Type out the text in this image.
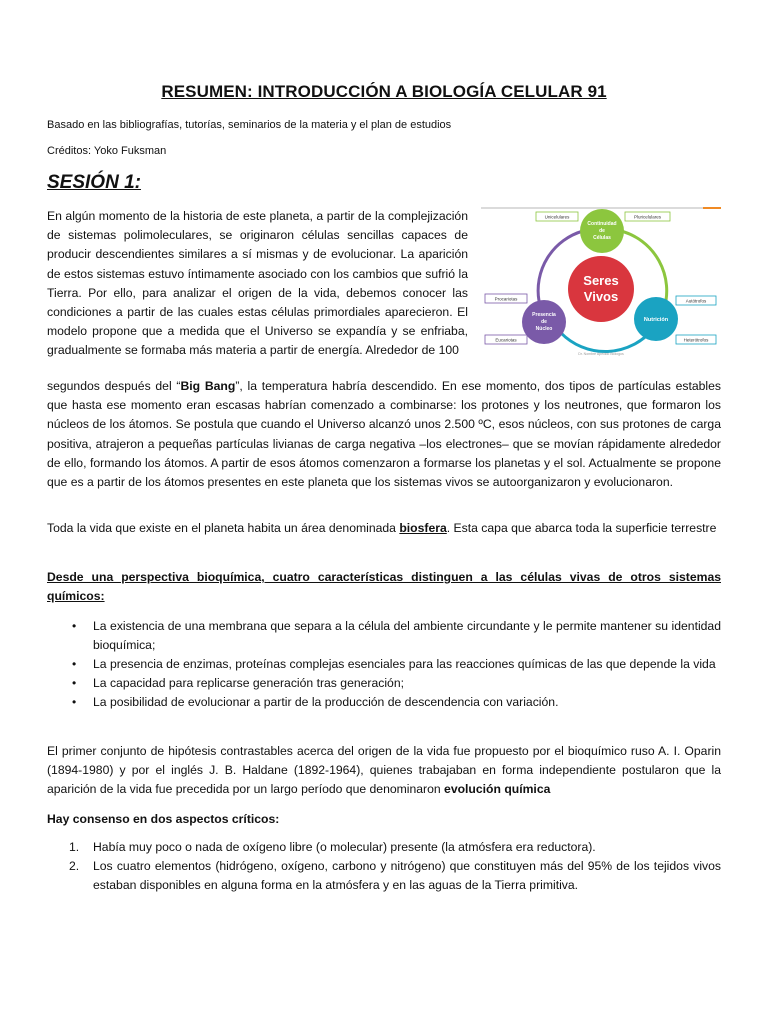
RESUMEN: INTRODUCCIÓN A BIOLOGÍA CELULAR 91
Basado en las bibliografías, tutorías, seminarios de la materia y el plan de estudios
Créditos: Yoko Fuksman
SESIÓN 1:

En algún momento de la historia de este planeta, a partir de la complejización de sistemas polimoleculares, se originaron células sencillas capaces de producir descendientes similares a sí mismas y de evolucionar. La aparición de estos sistemas estuvo íntimamente asociado con los cambios que sufrió la Tierra. Por ello, para analizar el origen de la vida, debemos conocer las condiciones a partir de las cuales estas células primordiales aparecieron. El modelo propone que a medida que el Universo se expandía y se enfriaba, gradualmente se formaba más materia a partir de energía. Alrededor de 100

segundos después del “Big Bang”, la temperatura habría descendido. En ese momento, dos tipos de partículas estables que hasta ese momento eran escasas habrían comenzado a combinarse: los protones y los neutrones, que formaron los núcleos de los átomos. Se postula que cuando el Universo alcanzó unos 2.500 ºC, esos núcleos, con sus protones de carga positiva, atrajeron a pequeñas partículas livianas de carga negativa –los electrones– que se movían rápidamente alrededor de ello, formando los átomos. A partir de esos átomos comenzaron a formarse los planetas y el sol. Actualmente se propone que es a partir de los átomos presentes en este planeta que los sistemas vivos se autoorganizaron y evolucionaron.

Toda la vida que existe en el planeta habita un área denominada biosfera. Esta capa que abarca toda la superficie terrestre

Desde una perspectiva bioquímica, cuatro características distinguen a las células vivas de otros sistemas químicos:

• La existencia de una membrana que separa a la célula del ambiente circundante y le permite mantener su identidad bioquímica;
• La presencia de enzimas, proteínas complejas esenciales para las reacciones químicas de las que depende la vida
• La capacidad para replicarse generación tras generación;
• La posibilidad de evolucionar a partir de la producción de descendencia con variación.

El primer conjunto de hipótesis contrastables acerca del origen de la vida fue propuesto por el bioquímico ruso A. I. Oparin (1894-1980) y por el inglés J. B. Haldane (1892-1964), quienes trabajaban en forma independiente postularon que la aparición de la vida fue precedida por un largo período que denominaron evolución química

Hay consenso en dos aspectos críticos:

1. Había muy poco o nada de oxígeno libre (o molecular) presente (la atmósfera era reductora).
2. Los cuatro elementos (hidrógeno, oxígeno, carbono y nitrógeno) que constituyen más del 95% de los tejidos vivos estaban disponibles en alguna forma en la atmósfera y en las aguas de la Tierra primitiva.
Seres
Vivos
Continuidad
de
Células
Presencia
de
Núcleo
Nutrición
Unicelulares	Pluricelulares
Procariotas
Eucariotas
Autótrofos
Heterótrofos
Dr. Nombre Apellido Biólogos
